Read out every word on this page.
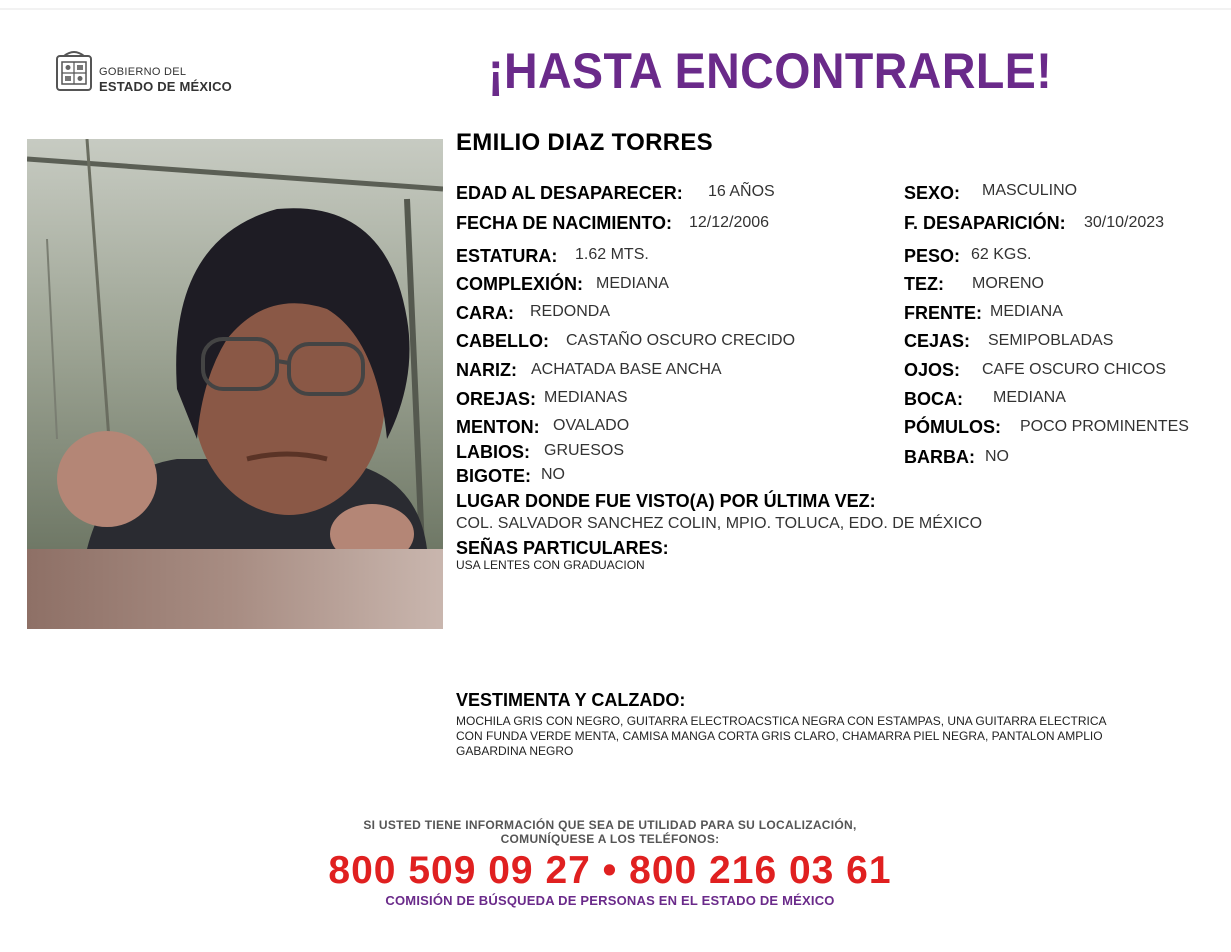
GOBIERNO DEL
ESTADO DE MÉXICO	¡HASTA ENCONTRARLE!
EMILIO DIAZ TORRES
EDAD AL DESAPARECER: 16 AÑOS
FECHA DE NACIMIENTO: 12/12/2006
ESTATURA: 1.62 MTS.
COMPLEXIÓN: MEDIANA
CARA: REDONDA
CABELLO: CASTAÑO OSCURO CRECIDO
NARIZ: ACHATADA BASE ANCHA
OREJAS: MEDIANAS
MENTON: OVALADO
LABIOS: GRUESOS
BIGOTE: NO
SEXO: MASCULINO
F. DESAPARICIÓN: 30/10/2023
PESO: 62 KGS.
TEZ: MORENO
FRENTE: MEDIANA
CEJAS: SEMIPOBLADAS
OJOS: CAFE OSCURO CHICOS
BOCA: MEDIANA
PÓMULOS: POCO PROMINENTES
BARBA: NO
LUGAR DONDE FUE VISTO(A) POR ÚLTIMA VEZ:
COL. SALVADOR SANCHEZ COLIN, MPIO. TOLUCA, EDO. DE MÉXICO
SEÑAS PARTICULARES:
USA LENTES CON GRADUACION
VESTIMENTA Y CALZADO:
MOCHILA GRIS CON NEGRO, GUITARRA ELECTROACSTICA NEGRA CON ESTAMPAS, UNA GUITARRA ELECTRICA
CON FUNDA VERDE MENTA, CAMISA MANGA CORTA GRIS CLARO, CHAMARRA PIEL NEGRA, PANTALON AMPLIO
GABARDINA NEGRO
SI USTED TIENE INFORMACIÓN QUE SEA DE UTILIDAD PARA SU LOCALIZACIÓN,
COMUNÍQUESE A LOS TELÉFONOS:
800 509 09 27 • 800 216 03 61
COMISIÓN DE BÚSQUEDA DE PERSONAS EN EL ESTADO DE MÉXICO
